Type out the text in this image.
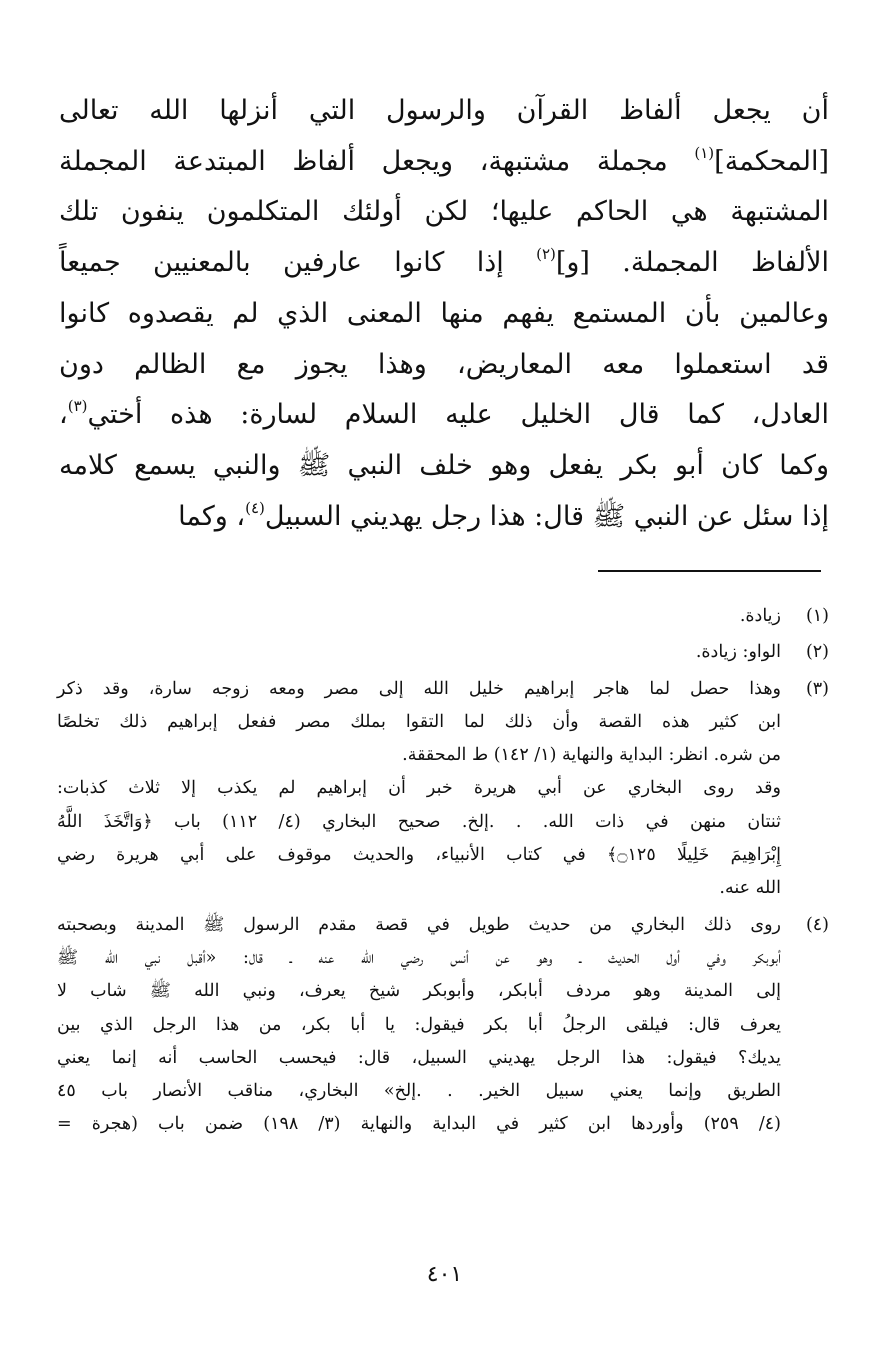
أن يجعل ألفاظ القرآن والرسول التي أنزلها الله تعالى
[المحكمة]$^{(١)}$ مجملة مشتبهة، ويجعل ألفاظ المبتدعة المجملة
المشتبهة هي الحاكم عليها؛ لكن أولئك المتكلمون ينفون تلك
الألفاظ المجملة. [و]$^{(٢)}$ إذا كانوا عارفين بالمعنيين جميعاً
وعالمين بأن المستمع يفهم منها المعنى الذي لم يقصدوه كانوا
قد استعملوا معه المعاريض، وهذا يجوز مع الظالم دون
العادل، كما قال الخليل عليه السلام لسارة: هذه أختي$^{(٣)}$،
وكما كان أبو بكر يفعل وهو خلف النبي ﷺ والنبي يسمع كلامه
إذا سئل عن النبي ﷺ قال: هذا رجل يهديني السبيل$^{(٤)}$، وكما
(١)
زيادة.
(٢)
الواو: زيادة.
(٣)
وهذا حصل لما هاجر إبراهيم خليل الله إلى مصر ومعه زوجه سارة، وقد ذكر
ابن كثير هذه القصة وأن ذلك لما التقوا بملك مصر ففعل إبراهيم ذلك تخلصًا
من شره. انظر: البداية والنهاية (١/ ١٤٢) ط المحققة.
وقد روى البخاري عن أبي هريرة خبر أن إبراهيم لم يكذب إلا ثلاث كذبات:
ثنتان منهن في ذات الله. . .إلخ. صحيح البخاري (٤/ ١١٢) باب ﴿وَاتَّخَذَ اللَّهُ
إِبْرَاهِيمَ خَلِيلًا ۝١٢٥﴾ في كتاب الأنبياء، والحديث موقوف على أبي هريرة رضي
الله عنه.
(٤)
روى ذلك البخاري من حديث طويل في قصة مقدم الرسول ﷺ المدينة وبصحبته
أبوبكر وفي أول الحديث ـ وهو عن أنس رضي الله عنه ـ قال: «أقبل نبي الله ﷺ
إلى المدينة وهو مردف أبابكر، وأبوبكر شيخ يعرف، ونبي الله ﷺ شاب لا
يعرف قال: فيلقى الرجلُ أبا بكر فيقول: يا أبا بكر، من هذا الرجل الذي بين
يديك؟ فيقول: هذا الرجل يهديني السبيل، قال: فيحسب الحاسب أنه إنما يعني
الطريق وإنما يعني سبيل الخير. . .إلخ» البخاري، مناقب الأنصار باب ٤٥
(٤/ ٢٥٩) وأوردها ابن كثير في البداية والنهاية (٣/ ١٩٨) ضمن باب (هجرة =
٤٠١
